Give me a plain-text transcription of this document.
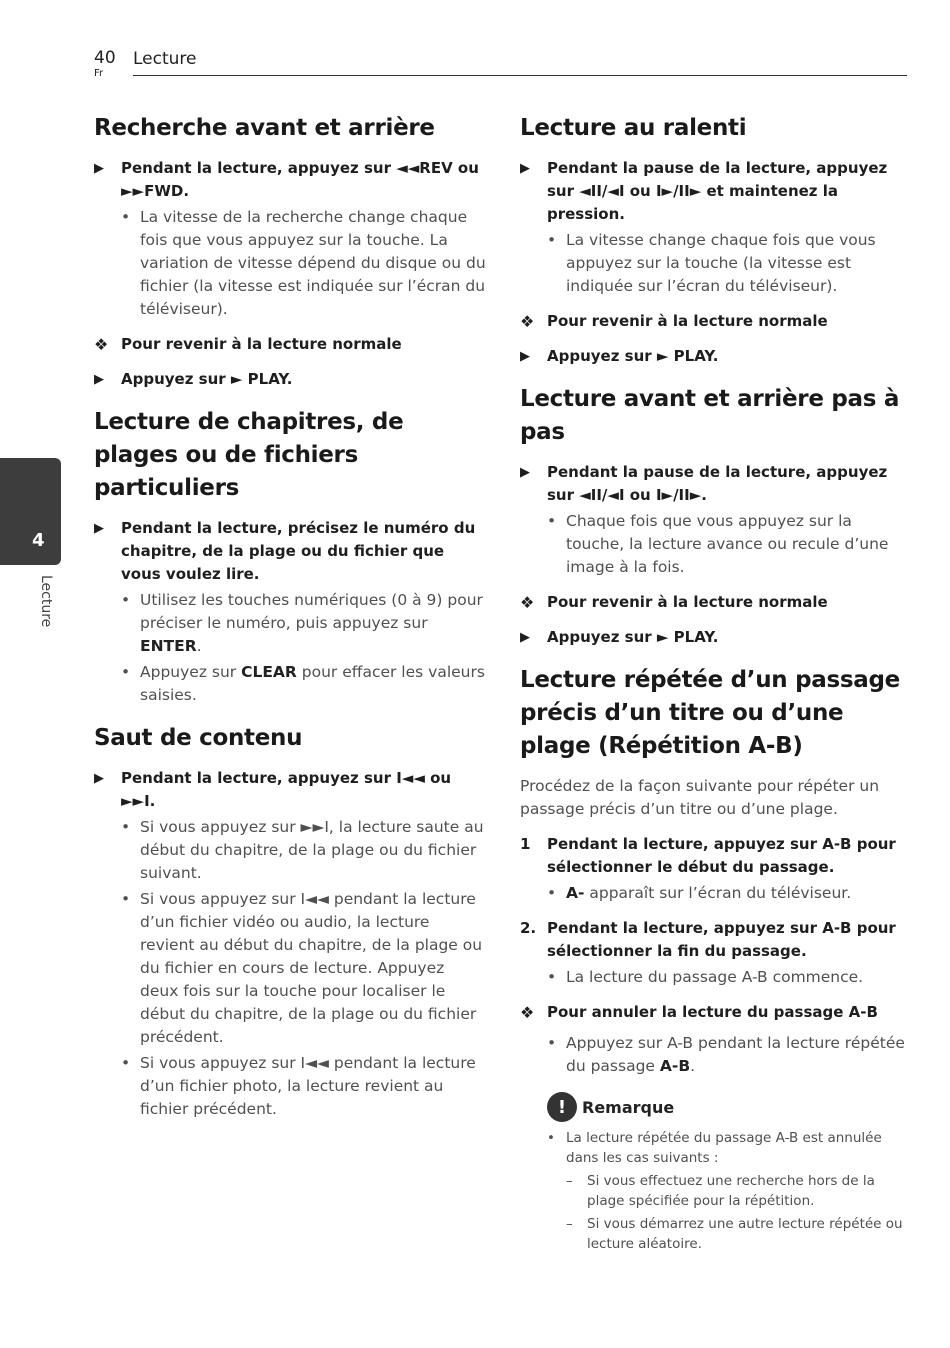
40
Fr
Lecture
4
Lecture
Recherche avant et arrière
▶	Pendant la lecture, appuyez sur ◄◄REV ou ►►FWD.
• La vitesse de la recherche change chaque fois que vous appuyez sur la touche. La variation de vitesse dépend du disque ou du fichier (la vitesse est indiquée sur l’écran du téléviseur).
❖ Pour revenir à la lecture normale
▶	Appuyez sur ► PLAY.
Lecture de chapitres, de plages ou de fichiers particuliers
▶	Pendant la lecture, précisez le numéro du chapitre, de la plage ou du fichier que vous voulez lire.
• Utilisez les touches numériques (0 à 9) pour préciser le numéro, puis appuyez sur ENTER.
• Appuyez sur CLEAR pour effacer les valeurs saisies.
Saut de contenu
▶	Pendant la lecture, appuyez sur I◄◄ ou ►►I.
• Si vous appuyez sur ►►I, la lecture saute au début du chapitre, de la plage ou du fichier suivant.
• Si vous appuyez sur I◄◄ pendant la lecture d’un fichier vidéo ou audio, la lecture revient au début du chapitre, de la plage ou du fichier en cours de lecture. Appuyez deux fois sur la touche pour localiser le début du chapitre, de la plage ou du fichier précédent.
• Si vous appuyez sur I◄◄ pendant la lecture d’un fichier photo, la lecture revient au fichier précédent.
Lecture au ralenti
▶	Pendant la pause de la lecture, appuyez sur ◄II/◄I ou I►/II► et maintenez la pression.
• La vitesse change chaque fois que vous appuyez sur la touche (la vitesse est indiquée sur l’écran du téléviseur).
❖ Pour revenir à la lecture normale
▶	Appuyez sur ► PLAY.
Lecture avant et arrière pas à pas
▶	Pendant la pause de la lecture, appuyez sur ◄II/◄I ou I►/II►.
• Chaque fois que vous appuyez sur la touche, la lecture avance ou recule d’une image à la fois.
❖ Pour revenir à la lecture normale
▶	Appuyez sur ► PLAY.
Lecture répétée d’un passage précis d’un titre ou d’une plage (Répétition A-B)

Procédez de la façon suivante pour répéter un passage précis d’un titre ou d’une plage.

1	Pendant la lecture, appuyez sur A-B pour sélectionner le début du passage.
• A- apparaît sur l’écran du téléviseur.
2. Pendant la lecture, appuyez sur A-B pour sélectionner la fin du passage.
• La lecture du passage A-B commence.
❖ Pour annuler la lecture du passage A-B
• Appuyez sur A-B pendant la lecture répétée du passage A-B.
! Remarque
• La lecture répétée du passage A-B est annulée dans les cas suivants :
–	Si vous effectuez une recherche hors de la plage spécifiée pour la répétition.
–	Si vous démarrez une autre lecture répétée ou lecture aléatoire.
